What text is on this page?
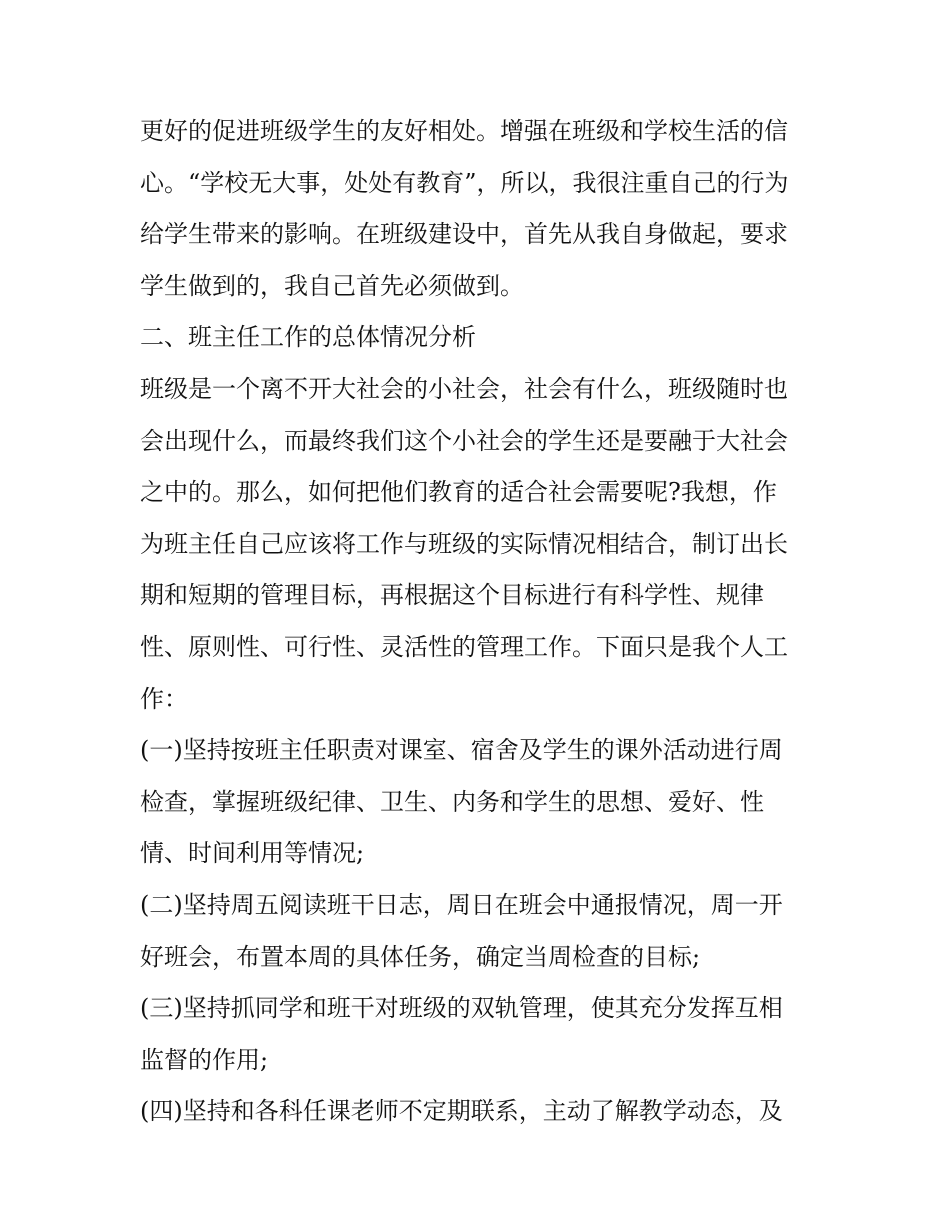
更好的促进班级学生的友好相处。增强在班级和学校生活的信
心。“学校无大事，处处有教育”，所以，我很注重自己的行为
给学生带来的影响。在班级建设中，首先从我自身做起，要求
学生做到的，我自己首先必须做到。
二、班主任工作的总体情况分析
班级是一个离不开大社会的小社会，社会有什么，班级随时也
会出现什么，而最终我们这个小社会的学生还是要融于大社会
之中的。那么，如何把他们教育的适合社会需要呢?我想，作
为班主任自己应该将工作与班级的实际情况相结合，制订出长
期和短期的管理目标，再根据这个目标进行有科学性、规律
性、原则性、可行性、灵活性的管理工作。下面只是我个人工
作：
(一)坚持按班主任职责对课室、宿舍及学生的课外活动进行周
检查，掌握班级纪律、卫生、内务和学生的思想、爱好、性
情、时间利用等情况;
(二)坚持周五阅读班干日志，周日在班会中通报情况，周一开
好班会，布置本周的具体任务，确定当周检查的目标;
(三)坚持抓同学和班干对班级的双轨管理，使其充分发挥互相
监督的作用;
(四)坚持和各科任课老师不定期联系，主动了解教学动态，及
